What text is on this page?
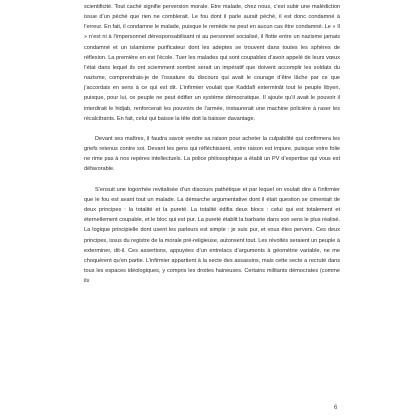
scientificité. Tout caché signifie perversion morale. Etre malade, chez nous, c’est subir une malédiction issue d’un péché que rien ne comblerait. Le fou dont il parle aurait péché, il est donc condamné à l’erreur. En fait, il condamne le malade, puisque le remède ne peut en aucun cas être condamné. Le « Il » n’est ni à l’impersonnel déresponsabilisant ni au personnel socialisé, il flotte entre un nazisme jamais condamné et un islamisme purificateur dont les adeptes se trouvent dans toutes les sphères de réflexion. La première en est l’école. Tuer les malades qui sont coupables d’avoir appelé de leurs vœux l’état dans lequel ils ont sciemment sombré serait un impératif que doivent accomplir les soldats du nazisme, comprendrais-je de l’ossature du discours qui avait le courage d’être lâche par ce que j’accordais en sens à ce qui est dit. L’infirmier voulait que Kaddafi exterminât tout le peuple libyen, puisque, pour lui, ce peuple ne peut édifier un système démocratique. Il ajoute qu’il avait le pouvoir il interdirait le hidjab, renforcerait les pouvoirs de l’armée, instaurerait une machine policière à raser les récalcitrants. En fait, celui qui baisse la tête doit la baisser davantage.

Devant ses maîtres, il faudra savoir vendre sa raison pour acheter la culpabilité qui confirmera les griefs retenus contre soi. Devant les gens qui réfléchissent, votre raison est impure, puisque votre folie ne rime pas à nos repères intellectuels. La police philosophique a établi un PV d’expertise qui vous est défavorable.

S’ensuit une logorrhée revitalisée d’un discours pathétique et par lequel on voulait dire à l’infirmier que le fou est avant tout un malade. La démarche argumentative dont il était question se cimentait de deux principes : la totalité et la pureté. La totalité édifia deux blocs : celui qui est totalement et éternellement coupable, et le bloc qui est pur. La pureté établit la barbarie dans son sens le plus réalisé. La logique principielle dont usent les parleurs est simple : je suis pur, et vous êtes pervers. Ces deux principes, issus du registre de la morale pré-religieuse, autonsent tout. Les révoltés seraient un peuple à exterminer, dit-il. Ces assertions, appuyées d’un entrelacs d’arguments à géométrie variable, ne me choquèrent qu’en partie. L’infirmier appartient à la secte des assassins, mais cette secte a recruté dans tous les espaces idéologiques, y compris les droites haineuses. Certains militants démocrates (comme ils

6
